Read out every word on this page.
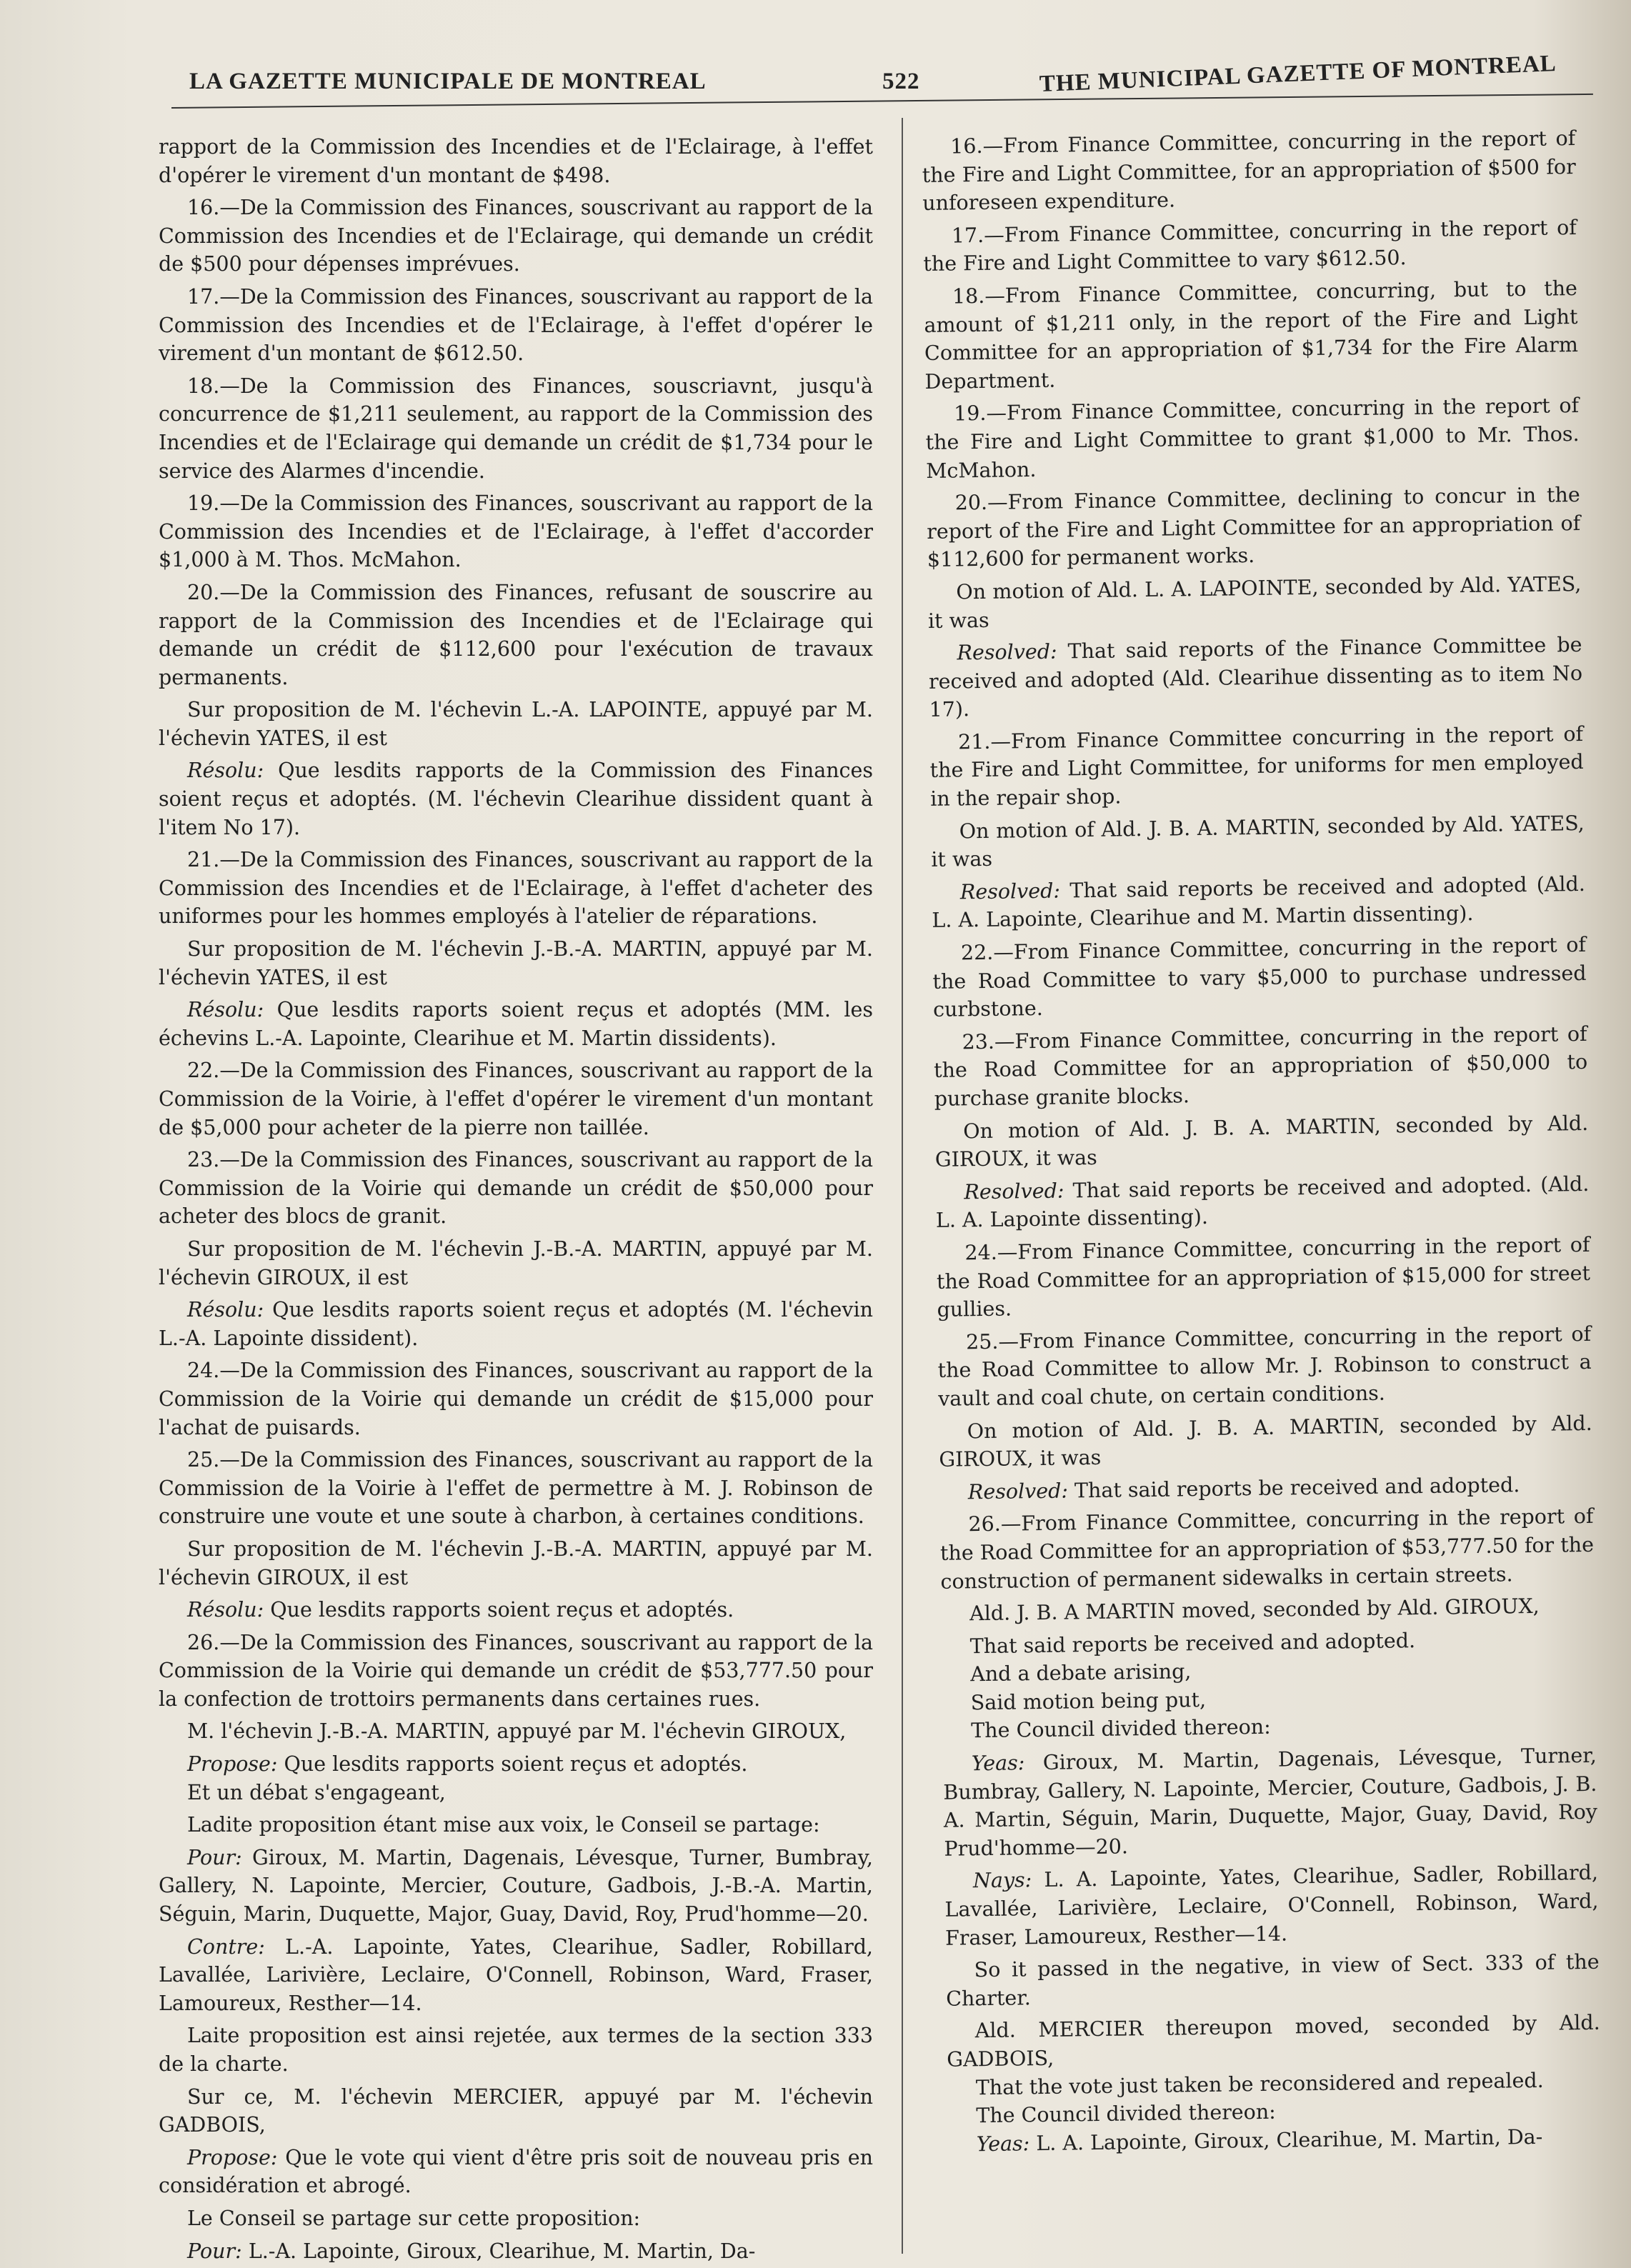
LA GAZETTE MUNICIPALE DE MONTREAL	522	THE MUNICIPAL GAZETTE OF MONTREAL

rapport de la Commission des Incendies et de l'Eclairage, à l'effet d'opérer le virement d'un montant de $498.

16.—De la Commission des Finances, souscrivant au rapport de la Commission des Incendies et de l'Eclairage, qui demande un crédit de $500 pour dépenses imprévues.

17.—De la Commission des Finances, souscrivant au rapport de la Commission des Incendies et de l'Eclairage, à l'effet d'opérer le virement d'un montant de $612.50.

18.—De la Commission des Finances, souscriavnt, jusqu'à concurrence de $1,211 seulement, au rapport de la Commission des Incendies et de l'Eclairage qui demande un crédit de $1,734 pour le service des Alarmes d'incendie.

19.—De la Commission des Finances, souscrivant au rapport de la Commission des Incendies et de l'Eclairage, à l'effet d'accorder $1,000 à M. Thos. McMahon.

20.—De la Commission des Finances, refusant de souscrire au rapport de la Commission des Incendies et de l'Eclairage qui demande un crédit de $112,600 pour l'exécution de travaux permanents.

Sur proposition de M. l'échevin L.-A. LAPOINTE, appuyé par M. l'échevin YATES, il est

Résolu: Que lesdits rapports de la Commission des Finances soient reçus et adoptés. (M. l'échevin Clearihue dissident quant à l'item No 17).

21.—De la Commission des Finances, souscrivant au rapport de la Commission des Incendies et de l'Eclairage, à l'effet d'acheter des uniformes pour les hommes employés à l'atelier de réparations.

Sur proposition de M. l'échevin J.-B.-A. MARTIN, appuyé par M. l'échevin YATES, il est

Résolu: Que lesdits raports soient reçus et adoptés (MM. les échevins L.-A. Lapointe, Clearihue et M. Martin dissidents).

22.—De la Commission des Finances, souscrivant au rapport de la Commission de la Voirie, à l'effet d'opérer le virement d'un montant de $5,000 pour acheter de la pierre non taillée.

23.—De la Commission des Finances, souscrivant au rapport de la Commission de la Voirie qui demande un crédit de $50,000 pour acheter des blocs de granit.

Sur proposition de M. l'échevin J.-B.-A. MARTIN, appuyé par M. l'échevin GIROUX, il est

Résolu: Que lesdits raports soient reçus et adoptés (M. l'échevin L.-A. Lapointe dissident).

24.—De la Commission des Finances, souscrivant au rapport de la Commission de la Voirie qui demande un crédit de $15,000 pour l'achat de puisards.

25.—De la Commission des Finances, souscrivant au rapport de la Commission de la Voirie à l'effet de permettre à M. J. Robinson de construire une voute et une soute à charbon, à certaines conditions.

Sur proposition de M. l'échevin J.-B.-A. MARTIN, appuyé par M. l'échevin GIROUX, il est

Résolu: Que lesdits rapports soient reçus et adoptés.

26.—De la Commission des Finances, souscrivant au rapport de la Commission de la Voirie qui demande un crédit de $53,777.50 pour la confection de trottoirs permanents dans certaines rues.

M. l'échevin J.-B.-A. MARTIN, appuyé par M. l'échevin GIROUX,

Propose: Que lesdits rapports soient reçus et adoptés.

Et un débat s'engageant,

Ladite proposition étant mise aux voix, le Conseil se partage:

Pour: Giroux, M. Martin, Dagenais, Lévesque, Turner, Bumbray, Gallery, N. Lapointe, Mercier, Couture, Gadbois, J.-B.-A. Martin, Séguin, Marin, Duquette, Major, Guay, David, Roy, Prud'homme—20.

Contre: L.-A. Lapointe, Yates, Clearihue, Sadler, Robillard, Lavallée, Larivière, Leclaire, O'Connell, Robinson, Ward, Fraser, Lamoureux, Resther—14.

Laite proposition est ainsi rejetée, aux termes de la section 333 de la charte.

Sur ce, M. l'échevin MERCIER, appuyé par M. l'échevin GADBOIS,

Propose: Que le vote qui vient d'être pris soit de nouveau pris en considération et abrogé.

Le Conseil se partage sur cette proposition:

Pour: L.-A. Lapointe, Giroux, Clearihue, M. Martin, Da-

16.—From Finance Committee, concurring in the report of the Fire and Light Committee, for an appropriation of $500 for unforeseen expenditure.

17.—From Finance Committee, concurring in the report of the Fire and Light Committee to vary $612.50.

18.—From Finance Committee, concurring, but to the amount of $1,211 only, in the report of the Fire and Light Committee for an appropriation of $1,734 for the Fire Alarm Department.

19.—From Finance Committee, concurring in the report of the Fire and Light Committee to grant $1,000 to Mr. Thos. McMahon.

20.—From Finance Committee, declining to concur in the report of the Fire and Light Committee for an appropriation of $112,600 for permanent works.

On motion of Ald. L. A. LAPOINTE, seconded by Ald. YATES, it was

Resolved: That said reports of the Finance Committee be received and adopted (Ald. Clearihue dissenting as to item No 17).

21.—From Finance Committee concurring in the report of the Fire and Light Committee, for uniforms for men employed in the repair shop.

On motion of Ald. J. B. A. MARTIN, seconded by Ald. YATES, it was

Resolved: That said reports be received and adopted (Ald. L. A. Lapointe, Clearihue and M. Martin dissenting).

22.—From Finance Committee, concurring in the report of the Road Committee to vary $5,000 to purchase undressed curbstone.

23.—From Finance Committee, concurring in the report of the Road Committee for an appropriation of $50,000 to purchase granite blocks.

On motion of Ald. J. B. A. MARTIN, seconded by Ald. GIROUX, it was

Resolved: That said reports be received and adopted. (Ald. L. A. Lapointe dissenting).

24.—From Finance Committee, concurring in the report of the Road Committee for an appropriation of $15,000 for street gullies.

25.—From Finance Committee, concurring in the report of the Road Committee to allow Mr. J. Robinson to construct a vault and coal chute, on certain conditions.

On motion of Ald. J. B. A. MARTIN, seconded by Ald. GIROUX, it was

Resolved: That said reports be received and adopted.

26.—From Finance Committee, concurring in the report of the Road Committee for an appropriation of $53,777.50 for the construction of permanent sidewalks in certain streets.

Ald. J. B. A MARTIN moved, seconded by Ald. GIROUX,

That said reports be received and adopted.

And a debate arising,

Said motion being put,

The Council divided thereon:

Yeas: Giroux, M. Martin, Dagenais, Lévesque, Turner, Bumbray, Gallery, N. Lapointe, Mercier, Couture, Gadbois, J. B. A. Martin, Séguin, Marin, Duquette, Major, Guay, David, Roy Prud'homme—20.

Nays: L. A. Lapointe, Yates, Clearihue, Sadler, Robillard, Lavallée, Larivière, Leclaire, O'Connell, Robinson, Ward, Fraser, Lamoureux, Resther—14.

So it passed in the negative, in view of Sect. 333 of the Charter.

Ald. MERCIER thereupon moved, seconded by Ald. GADBOIS,

That the vote just taken be reconsidered and repealed.

The Council divided thereon:

Yeas: L. A. Lapointe, Giroux, Clearihue, M. Martin, Da-
